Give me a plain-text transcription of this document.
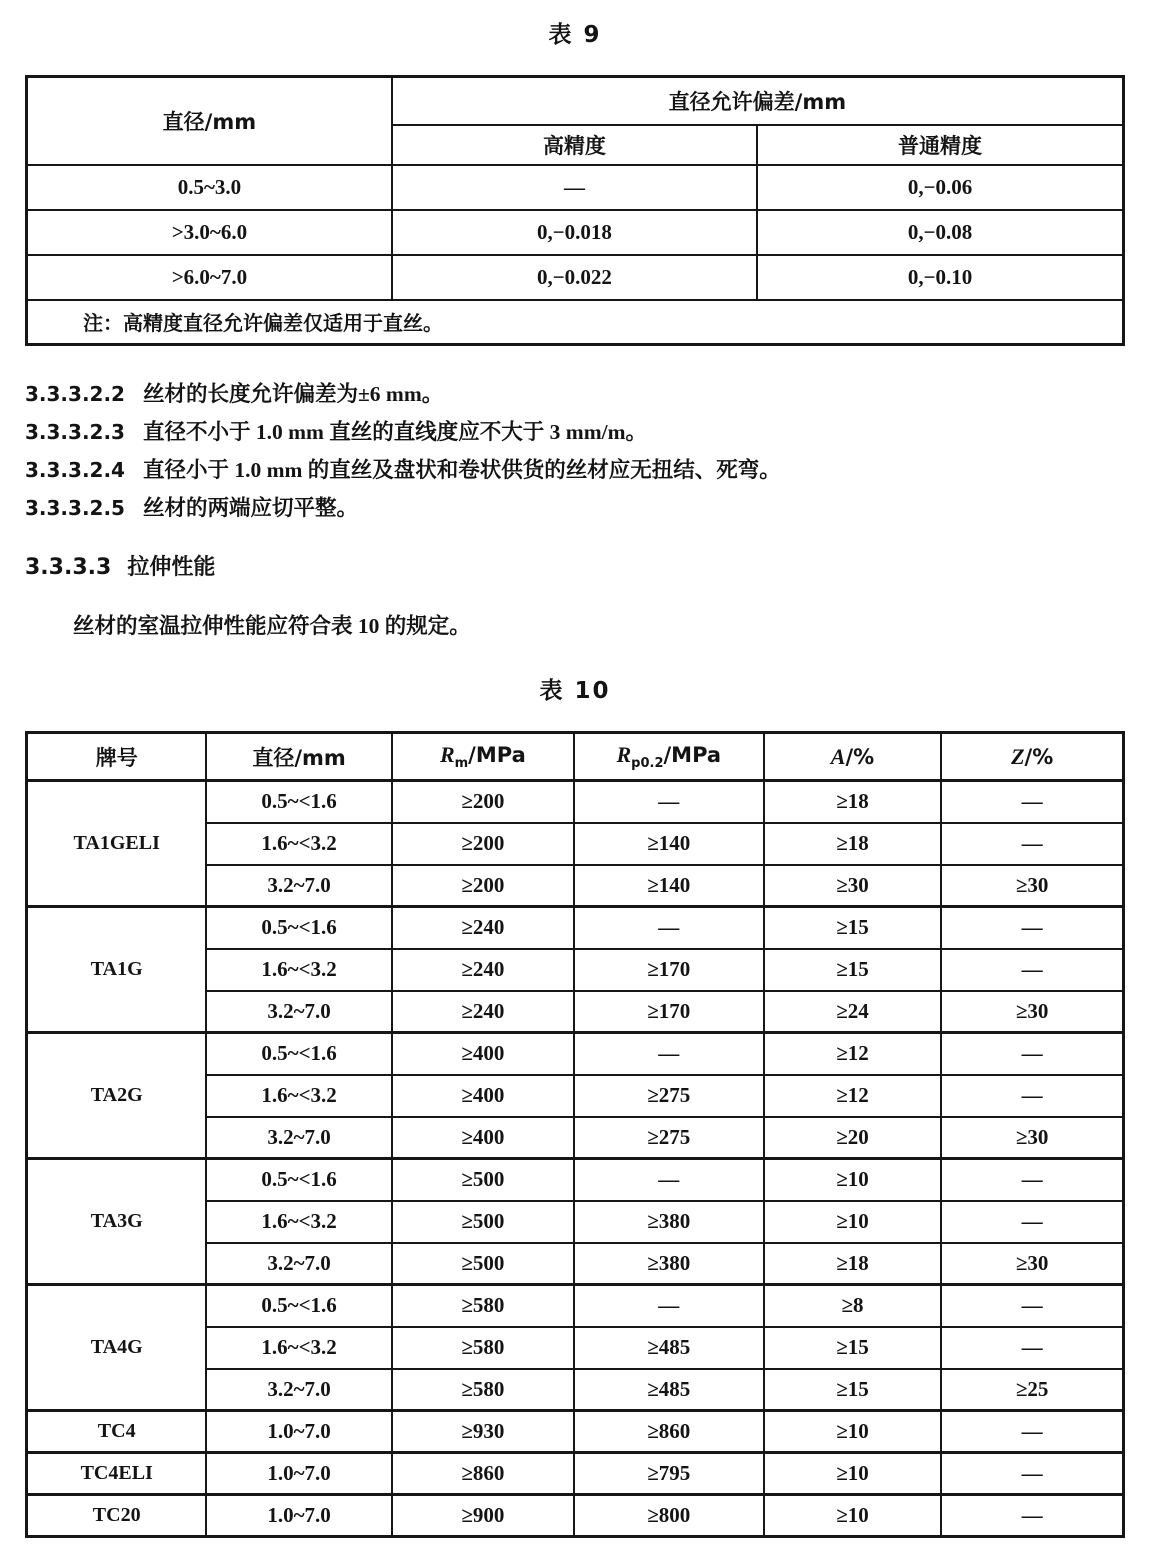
表 9
直径/mm	直径允许偏差/mm	
	高精度	普通精度
0.5~3.0	—	0,−0.06
>3.0~6.0	0,−0.018	0,−0.08
>6.0~7.0	0,−0.022	0,−0.10
注：高精度直径允许偏差仅适用于直丝。		

3.3.3.2.2 丝材的长度允许偏差为±6 mm。

3.3.3.2.3 直径不小于 1.0 mm 直丝的直线度应不大于 3 mm/m。

3.3.3.2.4 直径小于 1.0 mm 的直丝及盘状和卷状供货的丝材应无扭结、死弯。

3.3.3.2.5 丝材的两端应切平整。

3.3.3.3 拉伸性能

丝材的室温拉伸性能应符合表 10 的规定。

表 10
牌号	直径/mm	$R_m$/MPa	$R_{p0.2}$/MPa	A/%	Z/%
TA1GELI	0.5~<1.6	≥200	—	≥18	—
	1.6~<3.2	≥200	≥140	≥18	—
	3.2~7.0	≥200	≥140	≥30	≥30
TA1G	0.5~<1.6	≥240	—	≥15	—
	1.6~<3.2	≥240	≥170	≥15	—
	3.2~7.0	≥240	≥170	≥24	≥30
TA2G	0.5~<1.6	≥400	—	≥12	—
	1.6~<3.2	≥400	≥275	≥12	—
	3.2~7.0	≥400	≥275	≥20	≥30
TA3G	0.5~<1.6	≥500	—	≥10	—
	1.6~<3.2	≥500	≥380	≥10	—
	3.2~7.0	≥500	≥380	≥18	≥30
TA4G	0.5~<1.6	≥580	—	≥8	—
	1.6~<3.2	≥580	≥485	≥15	—
	3.2~7.0	≥580	≥485	≥15	≥25
TC4	1.0~7.0	≥930	≥860	≥10	—
TC4ELI	1.0~7.0	≥860	≥795	≥10	—
TC20	1.0~7.0	≥900	≥800	≥10	—
